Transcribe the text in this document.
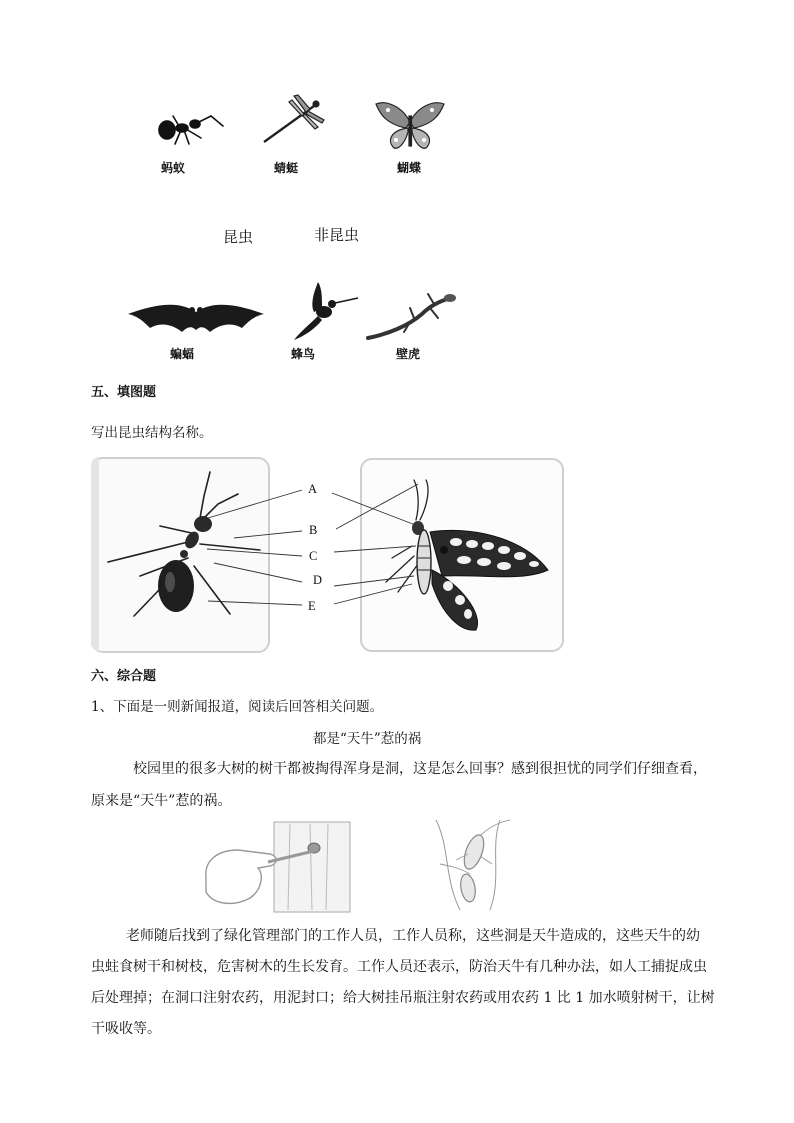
蚂蚁	蜻蜓	蝴蝶
昆虫	非昆虫
蝙蝠	蜂鸟	壁虎
五、填图题
写出昆虫结构名称。
A
B
C
D
E
六、综合题
1、下面是一则新闻报道，阅读后回答相关问题。
都是“天牛”惹的祸
校园里的很多大树的树干都被掏得浑身是洞，这是怎么回事？感到很担忧的同学们仔细查看，
原来是“天牛”惹的祸。
老师随后找到了绿化管理部门的工作人员，工作人员称，这些洞是天牛造成的，这些天牛的幼
虫蛀食树干和树枝，危害树木的生长发育。工作人员还表示，防治天牛有几种办法，如人工捕捉成虫
后处理掉；在洞口注射农药，用泥封口；给大树挂吊瓶注射农药或用农药 1 比 1 加水喷射树干，让树
干吸收等。
